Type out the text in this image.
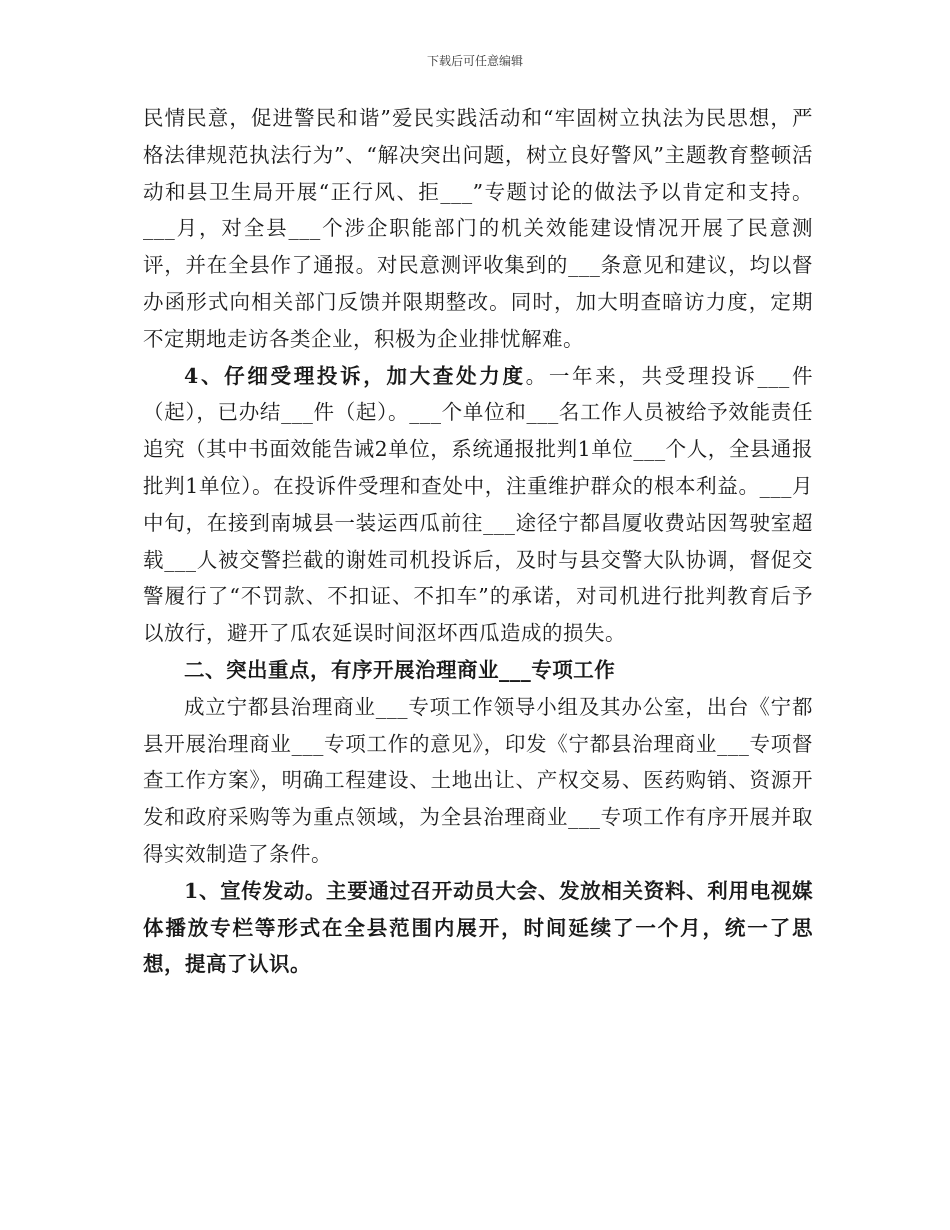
下载后可任意编辑

民情民意，促进警民和谐”爱民实践活动和“牢固树立执法为民思想，严格法律规范执法行为”、“解决突出问题，树立良好警风”主题教育整顿活动和县卫生局开展“正行风、拒___”专题讨论的做法予以肯定和支持。___月，对全县___个涉企职能部门的机关效能建设情况开展了民意测评，并在全县作了通报。对民意测评收集到的___条意见和建议，均以督办函形式向相关部门反馈并限期整改。同时，加大明查暗访力度，定期不定期地走访各类企业，积极为企业排忧解难。

4、仔细受理投诉，加大查处力度。一年来，共受理投诉___件（起），已办结___件（起）。___个单位和___名工作人员被给予效能责任追究（其中书面效能告诫2单位，系统通报批判1单位___个人，全县通报批判1单位）。在投诉件受理和查处中，注重维护群众的根本利益。___月中旬，在接到南城县一装运西瓜前往___途径宁都昌厦收费站因驾驶室超载___人被交警拦截的谢姓司机投诉后，及时与县交警大队协调，督促交警履行了“不罚款、不扣证、不扣车”的承诺，对司机进行批判教育后予以放行，避开了瓜农延误时间沤坏西瓜造成的损失。

二、突出重点，有序开展治理商业___专项工作

成立宁都县治理商业___专项工作领导小组及其办公室，出台《宁都县开展治理商业___专项工作的意见》，印发《宁都县治理商业___专项督查工作方案》，明确工程建设、土地出让、产权交易、医药购销、资源开发和政府采购等为重点领域，为全县治理商业___专项工作有序开展并取得实效制造了条件。

1、宣传发动。主要通过召开动员大会、发放相关资料、利用电视媒体播放专栏等形式在全县范围内展开，时间延续了一个月，统一了思想，提高了认识。
